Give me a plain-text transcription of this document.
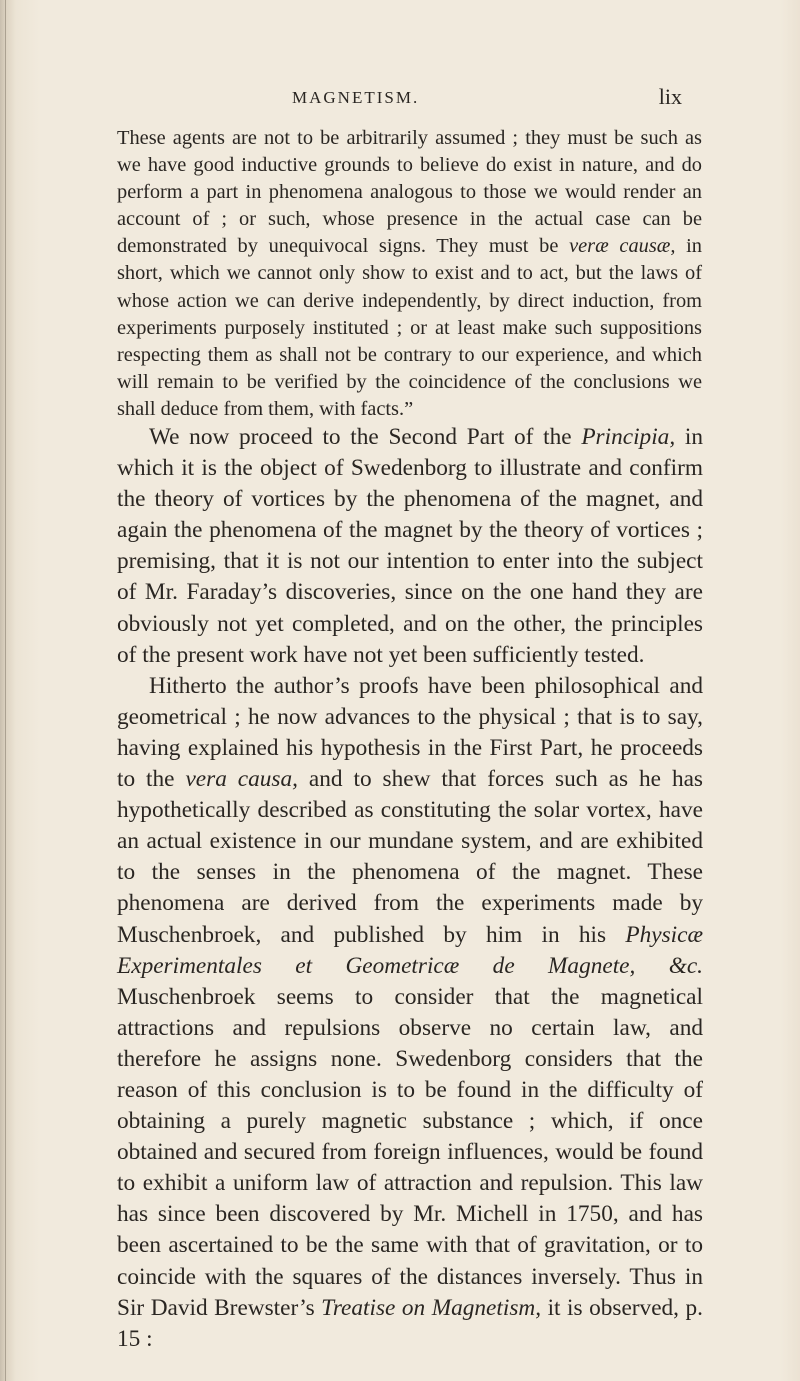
MAGNETISM.	lix

These agents are not to be arbitrarily assumed ; they must be such as we have good inductive grounds to believe do exist in nature, and do perform a part in phenomena analogous to those we would render an account of ; or such, whose presence in the actual case can be demonstrated by unequivocal signs. They must be veræ causæ, in short, which we cannot only show to exist and to act, but the laws of whose action we can derive independently, by direct induction, from experiments purposely instituted ; or at least make such suppositions respecting them as shall not be contrary to our experience, and which will remain to be verified by the coincidence of the conclusions we shall deduce from them, with facts.”

We now proceed to the Second Part of the Principia, in which it is the object of Swedenborg to illustrate and confirm the theory of vortices by the phenomena of the magnet, and again the phenomena of the magnet by the theory of vortices ; premising, that it is not our intention to enter into the subject of Mr. Faraday’s discoveries, since on the one hand they are obviously not yet completed, and on the other, the principles of the present work have not yet been sufficiently tested.

Hitherto the author’s proofs have been philosophical and geometrical ; he now advances to the physical ; that is to say, having explained his hypothesis in the First Part, he proceeds to the vera causa, and to shew that forces such as he has hypothetically described as constituting the solar vortex, have an actual existence in our mundane system, and are exhibited to the senses in the phenomena of the magnet. These phenomena are derived from the experiments made by Muschenbroek, and published by him in his Physicæ Experimentales et Geometricæ de Magnete, &c. Muschenbroek seems to consider that the magnetical attractions and repulsions observe no certain law, and therefore he assigns none. Swedenborg considers that the reason of this conclusion is to be found in the difficulty of obtaining a purely magnetic substance ; which, if once obtained and secured from foreign influences, would be found to exhibit a uniform law of attraction and repulsion. This law has since been discovered by Mr. Michell in 1750, and has been ascertained to be the same with that of gravitation, or to coincide with the squares of the distances inversely. Thus in Sir David Brewster’s Treatise on Magnetism, it is observed, p. 15 :
